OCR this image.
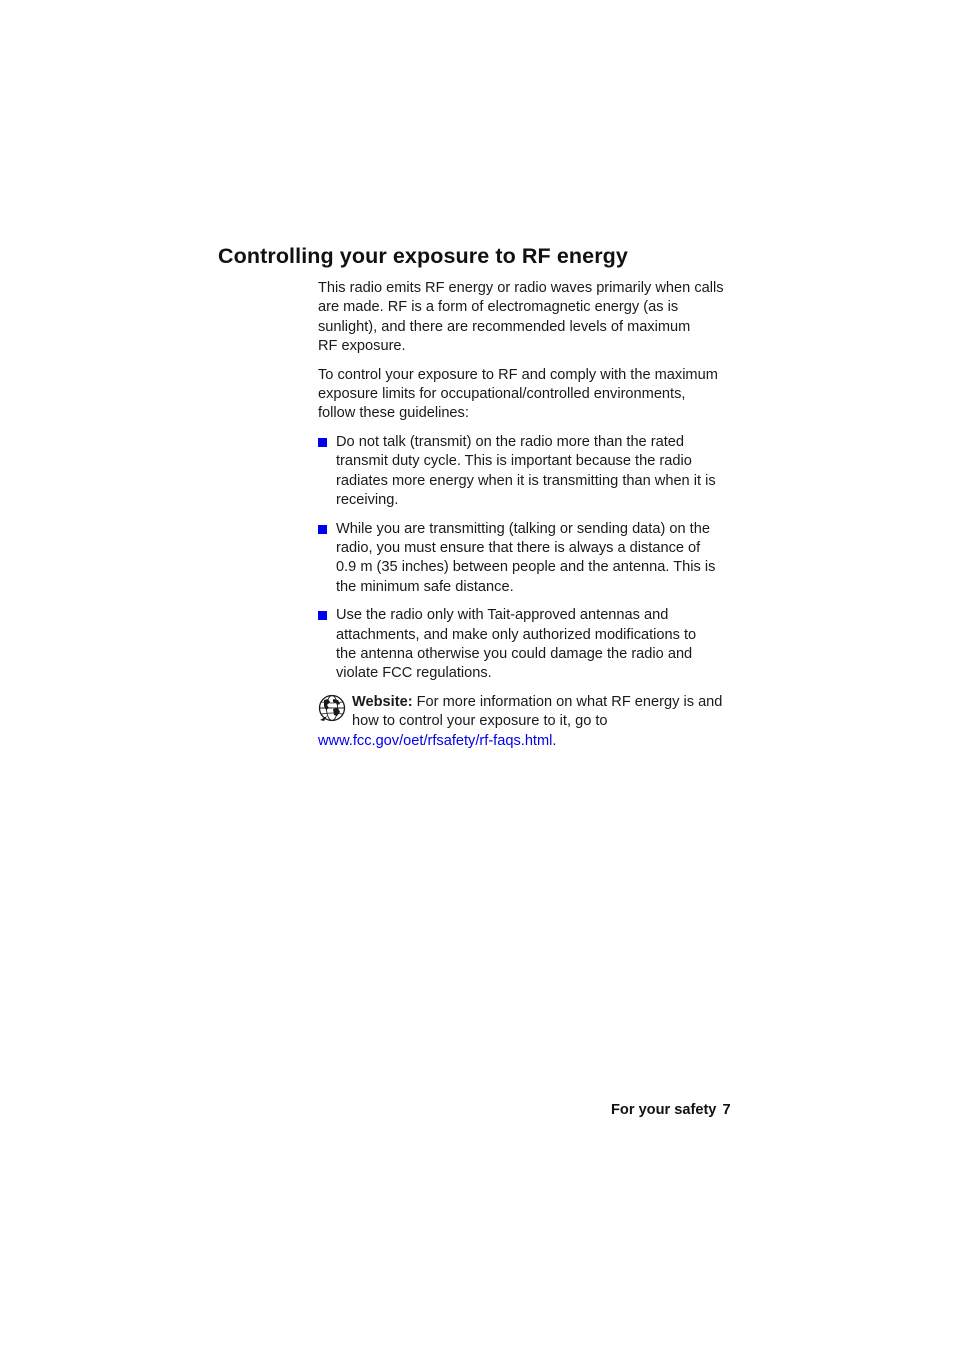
Controlling your exposure to RF energy

This radio emits RF energy or radio waves primarily when calls
are made. RF is a form of electromagnetic energy (as is
sunlight), and there are recommended levels of maximum
RF exposure.

To control your exposure to RF and comply with the maximum
exposure limits for occupational/controlled environments,
follow these guidelines:

Do not talk (transmit) on the radio more than the rated
transmit duty cycle. This is important because the radio
radiates more energy when it is transmitting than when it is
receiving.
While you are transmitting (talking or sending data) on the
radio, you must ensure that there is always a distance of
0.9 m (35 inches) between people and the antenna. This is
the minimum safe distance.
Use the radio only with Tait-approved antennas and
attachments, and make only authorized modifications to
the antenna otherwise you could damage the radio and
violate FCC regulations.
Website: For more information on what RF energy is and
how to control your exposure to it, go to
www.fcc.gov/oet/rfsafety/rf-faqs.html.
For your safety 7
